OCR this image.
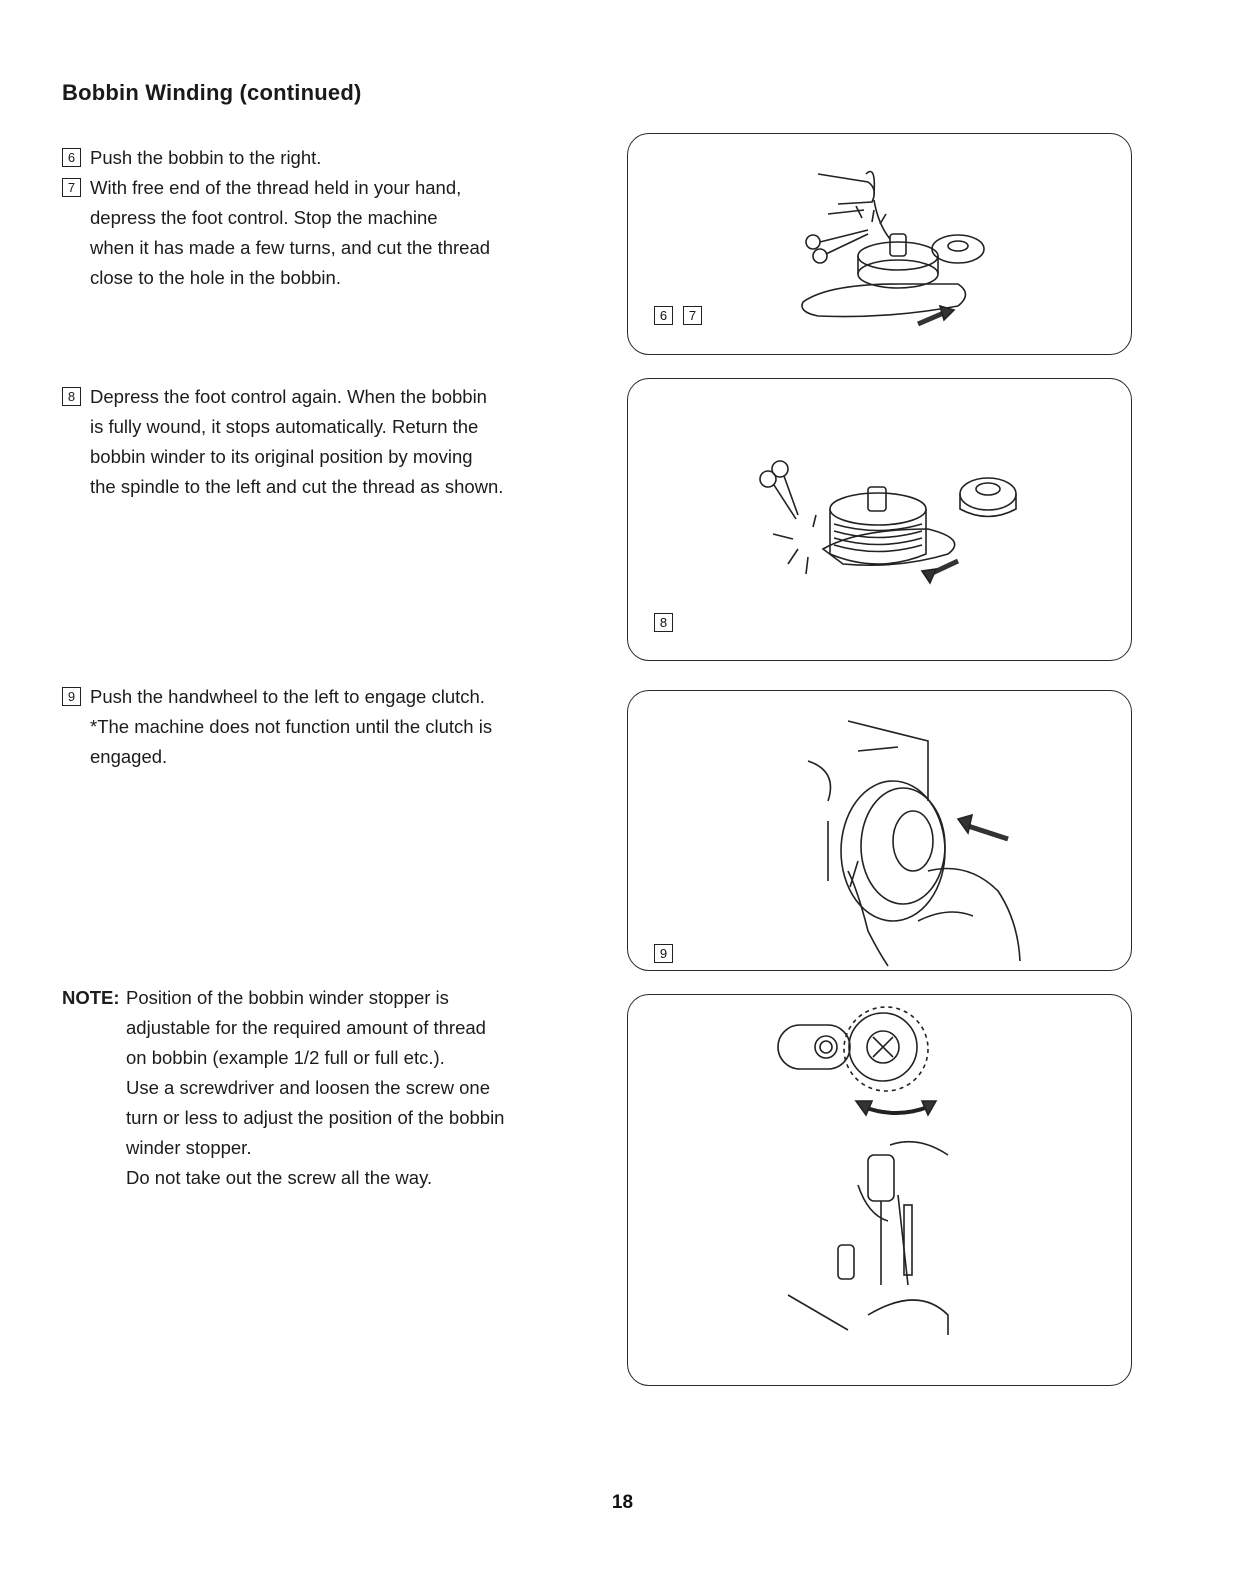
Bobbin Winding (continued)
6 Push the bobbin to the right.
7 With free end of the thread held in your hand,
depress the foot control. Stop the machine
when it has made a few turns, and cut the thread
close to the hole in the bobbin.
8 Depress the foot control again. When the bobbin
is fully wound, it stops automatically. Return the
bobbin winder to its original position by moving
the spindle to the left and cut the thread as shown.
9 Push the handwheel to the left to engage clutch.
*The machine does not function until the clutch is
engaged.
NOTE: Position of the bobbin winder stopper is
adjustable for the required amount of thread
on bobbin (example 1/2 full or full etc.).
Use a screwdriver and loosen the screw one
turn or less to adjust the position of the bobbin
winder stopper.
Do not take out the screw all the way.
6	7
8
9
18
